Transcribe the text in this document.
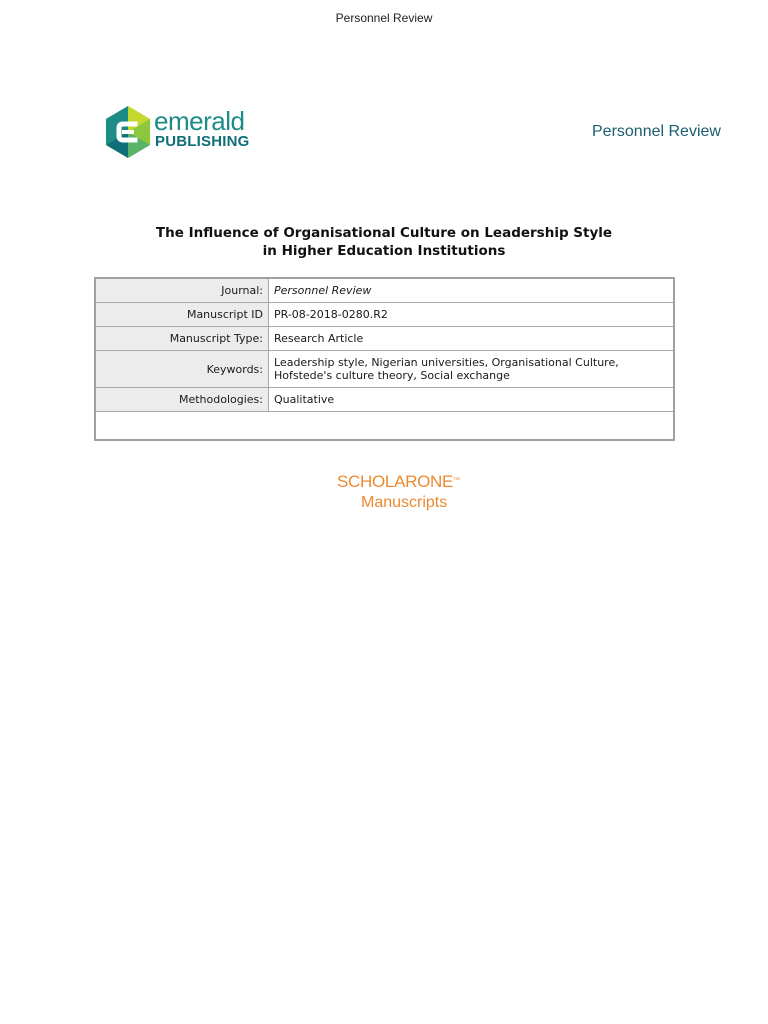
Personnel Review
emerald
PUBLISHING
Personnel Review
The Influence of Organisational Culture on Leadership Style
in Higher Education Institutions
Journal:	Personnel Review
Manuscript ID	PR-08-2018-0280.R2
Manuscript Type:	Research Article
Keywords:	Leadership style, Nigerian universities, Organisational Culture, Hofstede's culture theory, Social exchange
Methodologies:	Qualitative

SCHOLARONE™
Manuscripts
